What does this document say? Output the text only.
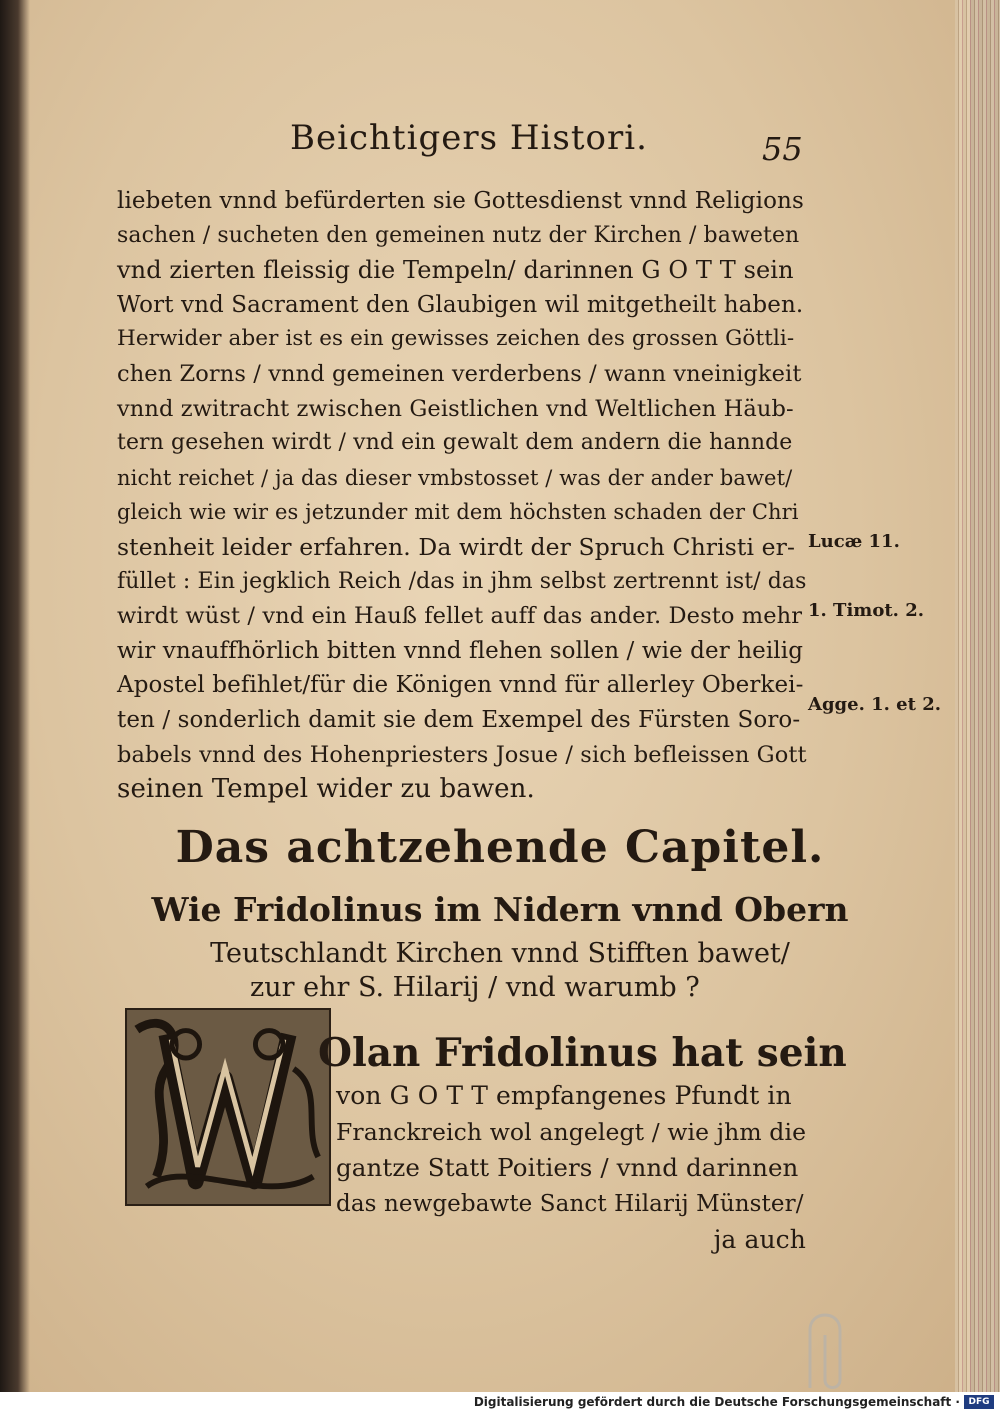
Beichtigers Histori.	55
liebeten vnnd befürderten sie Gottesdienst vnnd Religions
sachen / sucheten den gemeinen nutz der Kirchen / baweten
vnd zierten fleissig die Tempeln/ darinnen G O T T sein
Wort vnd Sacrament den Glaubigen wil mitgetheilt haben.
Herwider aber ist es ein gewisses zeichen des grossen Göttli-
chen Zorns / vnnd gemeinen verderbens / wann vneinigkeit
vnnd zwitracht zwischen Geistlichen vnd Weltlichen Häub-
tern gesehen wirdt / vnd ein gewalt dem andern die hannde
nicht reichet / ja das dieser vmbstosset / was der ander bawet/
gleich wie wir es jetzunder mit dem höchsten schaden der Chri
stenheit leider erfahren. Da wirdt der Spruch Christi er-
füllet : Ein jegklich Reich /das in jhm selbst zertrennt ist/ das
wirdt wüst / vnd ein Hauß fellet auff das ander. Desto mehr
wir vnauffhörlich bitten vnnd flehen sollen / wie der heilig
Apostel befihlet/für die Königen vnnd für allerley Oberkei-
ten / sonderlich damit sie dem Exempel des Fürsten Soro-
babels vnnd des Hohenpriesters Josue / sich befleissen Gott
seinen Tempel wider zu bawen.
Lucæ 11.
1. Timot. 2.
Agge. 1. et 2.
Das achtzehende Capitel.
Wie Fridolinus im Nidern vnnd Obern
Teutschlandt Kirchen vnnd Stifften bawet/
zur ehr S. Hilarij / vnd warumb ?
Olan Fridolinus hat sein
von G O T T empfangenes Pfundt in
Franckreich wol angelegt / wie jhm die
gantze Statt Poitiers / vnnd darinnen
das newgebawte Sanct Hilarij Münster/
ja auch
Digitalisierung gefördert durch die Deutsche Forschungsgemeinschaft · DFG
